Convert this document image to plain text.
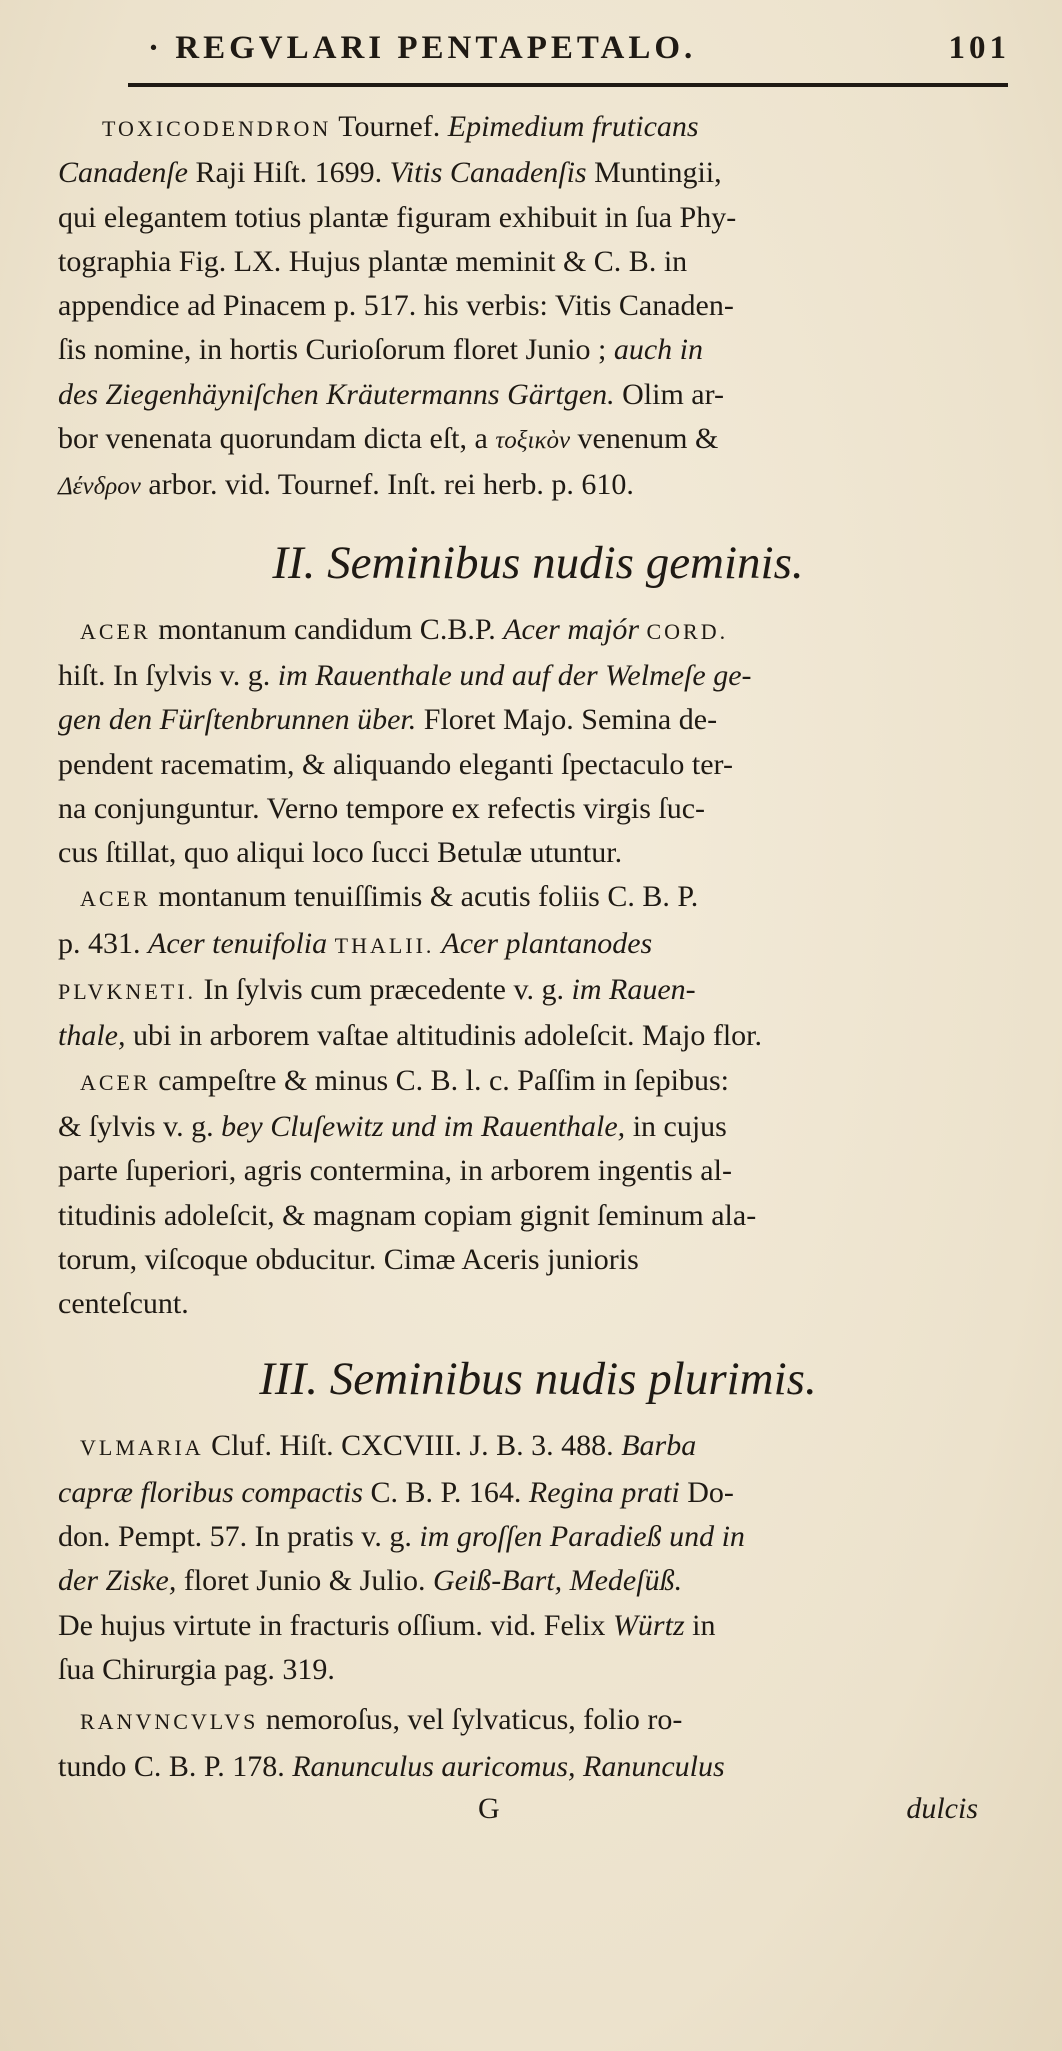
· REGVLARI PENTAPETALO.	101
TOXICODENDRON Tournef. Epimedium fruticans
Canadenſe Raji Hiſt. 1699. Vitis Canadenſis Muntingii,
qui elegantem totius plantæ figuram exhibuit in ſua Phy-
tographia Fig. LX. Hujus plantæ meminit & C. B. in
appendice ad Pinacem p. 517. his verbis: Vitis Canaden-
ſis nomine, in hortis Curioſorum floret Junio ; auch in
des Ziegenhäyniſchen Kräutermanns Gärtgen. Olim ar-
bor venenata quorundam dicta eſt, a τοξικὸν venenum &
Δένδρον arbor. vid. Tournef. Inſt. rei herb. p. 610.
II. Seminibus nudis geminis.
ACER montanum candidum C.B.P. Acer majór CORD.
hiſt. In ſylvis v. g. im Rauenthale und auf der Welmeſe ge-
gen den Fürſtenbrunnen über. Floret Majo. Semina de-
pendent racematim, & aliquando eleganti ſpectaculo ter-
na conjunguntur. Verno tempore ex refectis virgis ſuc-
cus ſtillat, quo aliqui loco ſucci Betulæ utuntur.
ACER montanum tenuiſſimis & acutis foliis C. B. P.
p. 431. Acer tenuifolia THALII. Acer plantanodes
PLVKNETI. In ſylvis cum præcedente v. g. im Rauen-
thale, ubi in arborem vaſtae altitudinis adoleſcit. Majo flor.
ACER campeſtre & minus C. B. l. c. Paſſim in ſepibus:
& ſylvis v. g. bey Cluſewitz und im Rauenthale, in cujus
parte ſuperiori, agris contermina, in arborem ingentis al-
titudinis adoleſcit, & magnam copiam gignit ſeminum ala-
torum, viſcoque obducitur. Cimæ Aceris junioris
centeſcunt.
III. Seminibus nudis plurimis.
VLMARIA Cluf. Hiſt. CXCVIII. J. B. 3. 488. Barba
capræ floribus compactis C. B. P. 164. Regina prati Do-
don. Pempt. 57. In pratis v. g. im groſſen Paradieß und in
der Ziske, floret Junio & Julio. Geiß-Bart, Medeſüß.
De hujus virtute in fracturis oſſium. vid. Felix Würtz in
ſua Chirurgia pag. 319.
RANVNCVLVS nemoroſus, vel ſylvaticus, folio ro-
tundo C. B. P. 178. Ranunculus auricomus, Ranunculus
G	dulcis
